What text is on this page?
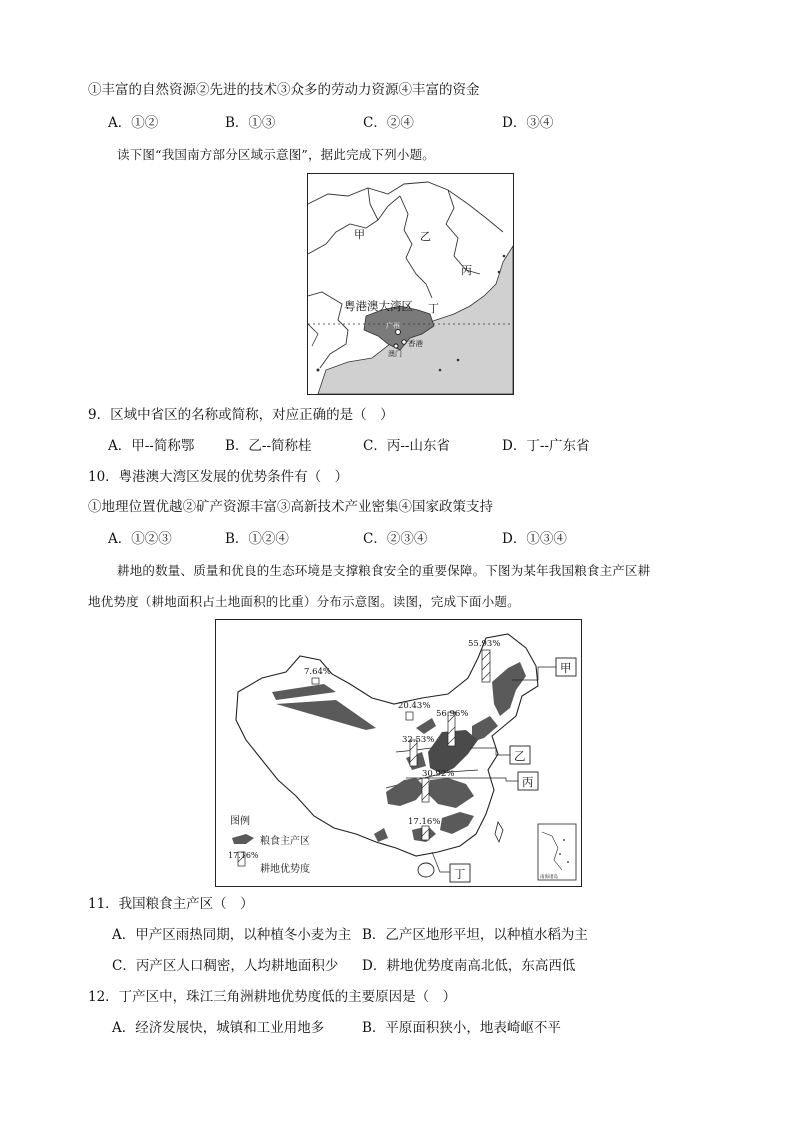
①丰富的自然资源②先进的技术③众多的劳动力资源④丰富的资金
A．①②	B．①③	C．②④	D．③④
读下图“我国南方部分区域示意图”，据此完成下列小题。
广州
香港
澳门
甲	乙
丙
丁
粤港澳大湾区
9．区域中省区的名称或简称，对应正确的是（　）
A．甲--简称鄂 B．乙--简称桂	C．丙--山东省	D．丁--广东省
10．粤港澳大湾区发展的优势条件有（　）
①地理位置优越②矿产资源丰富③高新技术产业密集④国家政策支持
A．①②③	B．①②④	C．②③④	D．①③④
耕地的数量、质量和优良的生态环境是支撑粮食安全的重要保障。下图为某年我国粮食主产区耕
地优势度（耕地面积占土地面积的比重）分布示意图。读图，完成下面小题。
55.93%
7.64%
20.43%
56.96%
32.53%
30.92%
17.16%
甲
乙
丙
丁
图例
粮食主产区
17.16%
耕地优势度
南海诸岛
11．我国粮食主产区（　）
A．甲产区雨热同期，以种植冬小麦为主 B．乙产区地形平坦，以种植水稻为主
C．丙产区人口稠密，人均耕地面积少 D．耕地优势度南高北低，东高西低
12．丁产区中，珠江三角洲耕地优势度低的主要原因是（　）
A．经济发展快，城镇和工业用地多	B．平原面积狭小，地表崎岖不平
